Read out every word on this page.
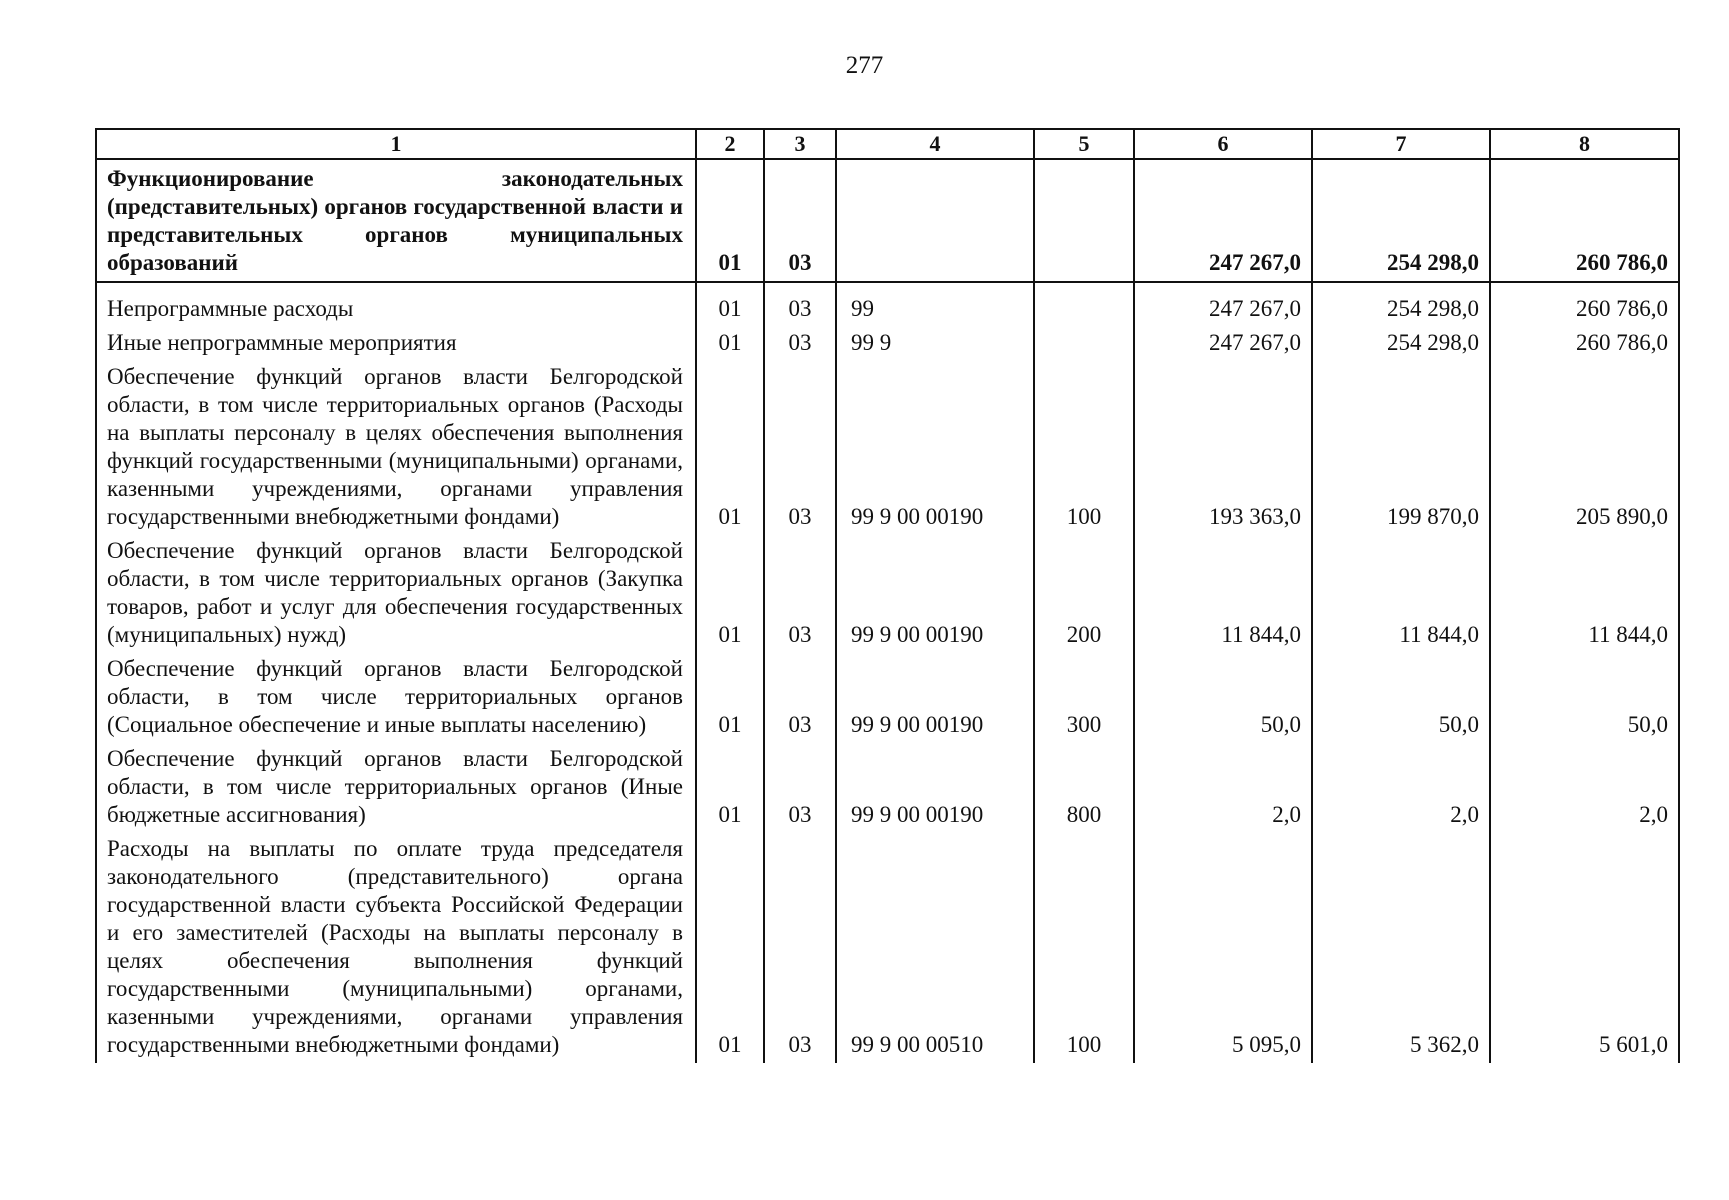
277
1	2	3	4	5	6	7	8
Функционирование законодательных (представительных) органов государственной власти и представительных органов муниципальных образований	01	03			247 267,0	254 298,0	260 786,0
Непрограммные расходы	01	03	99		247 267,0	254 298,0	260 786,0
Иные непрограммные мероприятия	01	03	99 9		247 267,0	254 298,0	260 786,0
Обеспечение функций органов власти Белгородской области, в том числе территориальных органов (Расходы на выплаты персоналу в целях обеспечения выполнения функций государственными (муниципальными) органами, казенными учреждениями, органами управления государственными внебюджетными фондами)	01	03	99 9 00 00190	100	193 363,0	199 870,0	205 890,0
Обеспечение функций органов власти Белгородской области, в том числе территориальных органов (Закупка товаров, работ и услуг для обеспечения государственных (муниципальных) нужд)	01	03	99 9 00 00190	200	11 844,0	11 844,0	11 844,0
Обеспечение функций органов власти Белгородской области, в том числе территориальных органов (Социальное обеспечение и иные выплаты населению)	01	03	99 9 00 00190	300	50,0	50,0	50,0
Обеспечение функций органов власти Белгородской области, в том числе территориальных органов (Иные бюджетные ассигнования)	01	03	99 9 00 00190	800	2,0	2,0	2,0
Расходы на выплаты по оплате труда председателя законодательного (представительного) органа государственной власти субъекта Российской Федерации и его заместителей (Расходы на выплаты персоналу в целях обеспечения выполнения функций государственными (муниципальными) органами, казенными учреждениями, органами управления государственными внебюджетными фондами)	01	03	99 9 00 00510	100	5 095,0	5 362,0	5 601,0
